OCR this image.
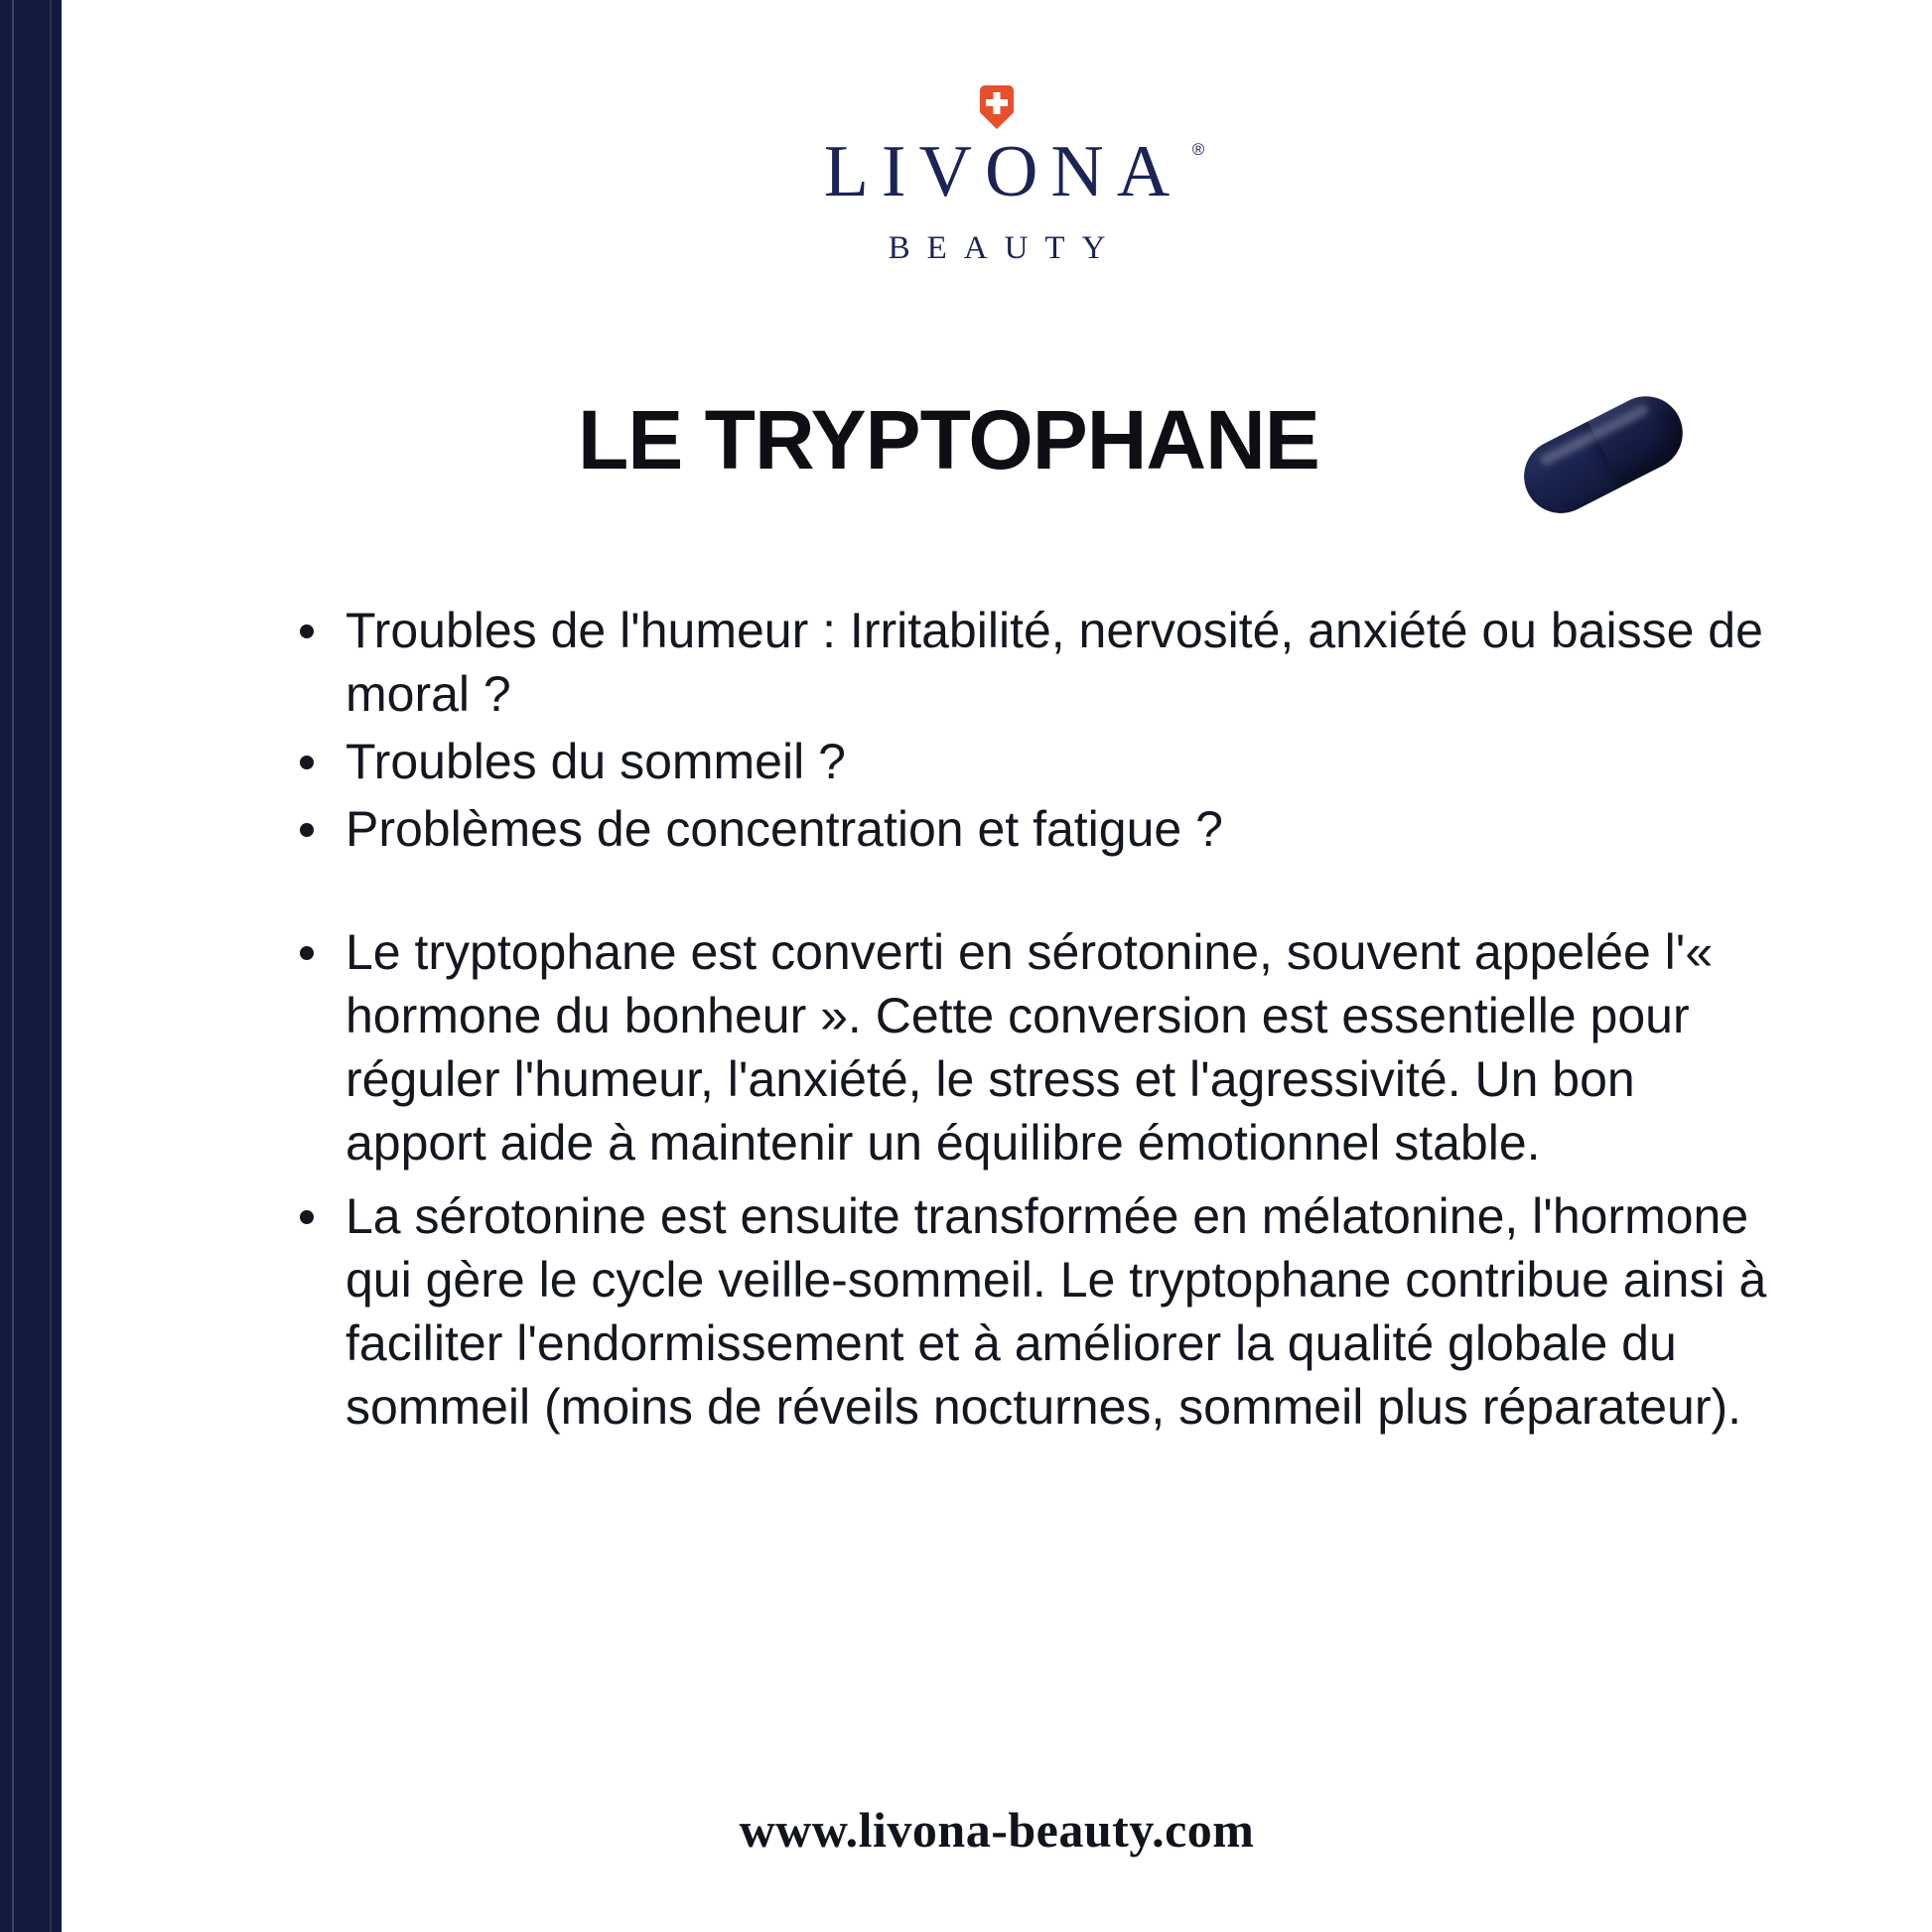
LIVONA ®
BEAUTY
LE TRYPTOPHANE
Troubles de l'humeur : Irritabilité, nervosité, anxiété ou baisse de moral ?
Troubles du sommeil ?
Problèmes de concentration et fatigue ?
Le tryptophane est converti en sérotonine, souvent appelée l'« hormone du bonheur ». Cette conversion est essentielle pour réguler l'humeur, l'anxiété, le stress et l'agressivité. Un bon apport aide à maintenir un équilibre émotionnel stable.
La sérotonine est ensuite transformée en mélatonine, l'hormone qui gère le cycle veille-sommeil. Le tryptophane contribue ainsi à faciliter l'endormissement et à améliorer la qualité globale du sommeil (moins de réveils nocturnes, sommeil plus réparateur).
www.livona-beauty.com
